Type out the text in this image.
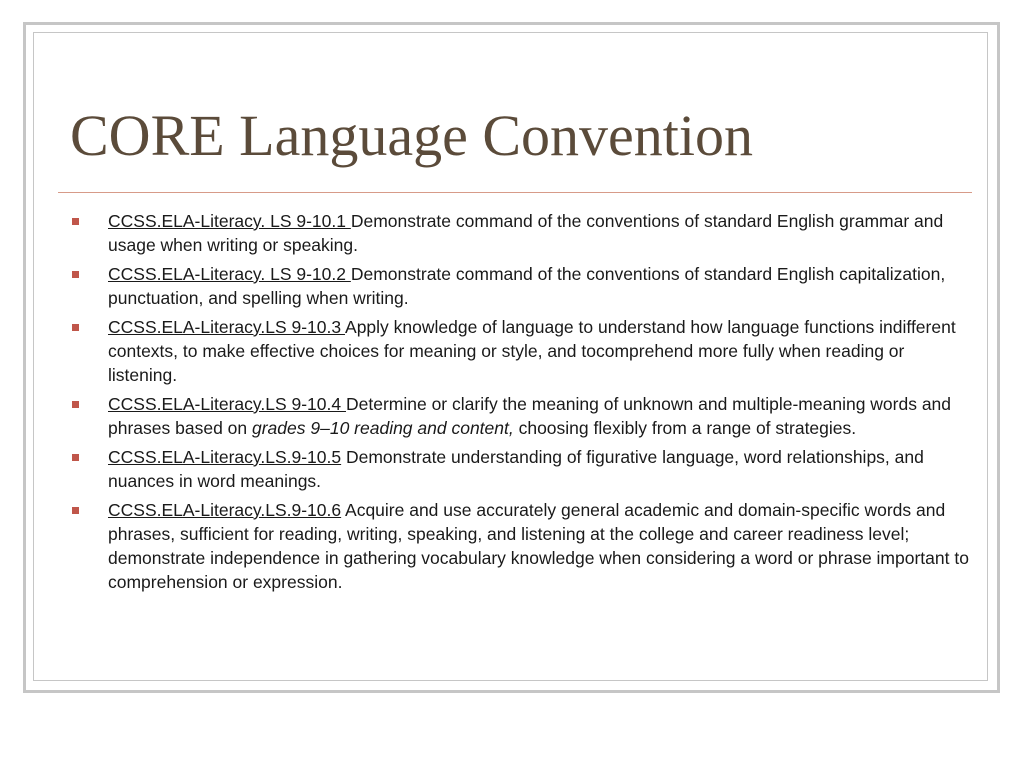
CORE Language Convention
CCSS.ELA-Literacy. LS 9-10.1 Demonstrate command of the conventions of standard English grammar and usage when writing or speaking.
CCSS.ELA-Literacy. LS 9-10.2 Demonstrate command of the conventions of standard English capitalization, punctuation, and spelling when writing.
CCSS.ELA-Literacy.LS 9-10.3 Apply knowledge of language to understand how language functions indifferent contexts, to make effective choices for meaning or style, and tocomprehend more fully when reading or listening.
CCSS.ELA-Literacy.LS 9-10.4 Determine or clarify the meaning of unknown and multiple-meaning words and phrases based on grades 9–10 reading and content, choosing flexibly from a range of strategies.
CCSS.ELA-Literacy.LS.9-10.5 Demonstrate understanding of figurative language, word relationships, and nuances in word meanings.
CCSS.ELA-Literacy.LS.9-10.6 Acquire and use accurately general academic and domain-specific words and phrases, sufficient for reading, writing, speaking, and listening at the college and career readiness level; demonstrate independence in gathering vocabulary knowledge when considering a word or phrase important to comprehension or expression.
